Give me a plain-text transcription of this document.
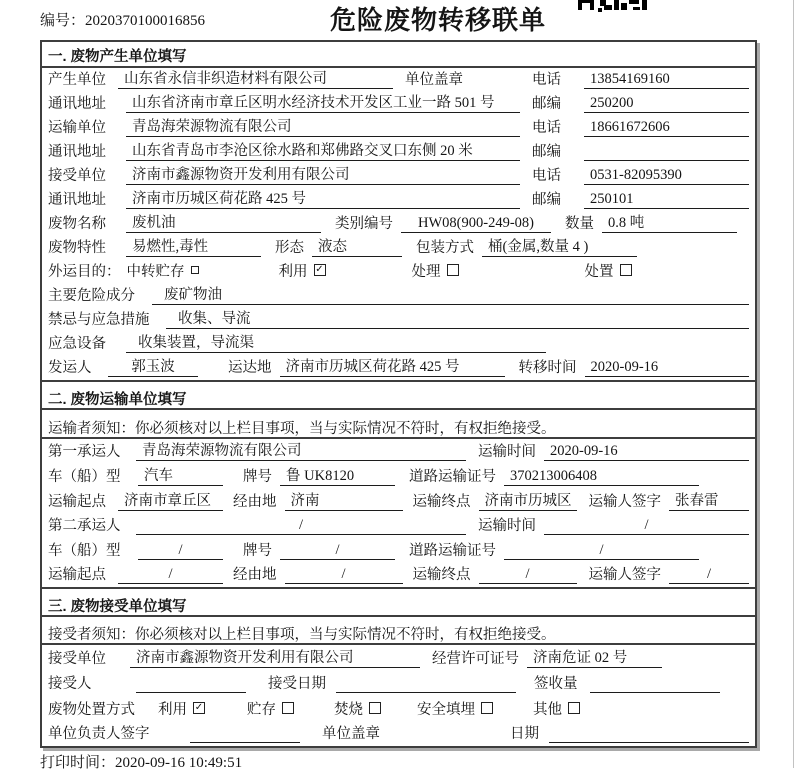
编号：2020370100016856	危险废物转移联单
一. 废物产生单位填写
产生单位	山东省永信非织造材料有限公司	单位盖章	电话	13854169160
通讯地址	山东省济南市章丘区明水经济技术开发区工业一路 501 号	邮编	250200
运输单位	青岛海荣源物流有限公司	电话	18661672606
通讯地址	山东省青岛市李沧区徐水路和郑佛路交叉口东侧 20 米	邮编
接受单位	济南市鑫源物资开发利用有限公司	电话	0531-82095390
通讯地址	济南市历城区荷花路 425 号	邮编	250101
废物名称	废机油	类别编号	HW08(900-249-08)	数量 0.8 吨
废物特性	易燃性,毒性	形态 液态	包装方式 桶(金属,数量 4 )
外运目的： 中转贮存	利用 ✓	处理	处置
主要危险成分	废矿物油
禁忌与应急措施	收集、导流
应急设备	收集装置，导流渠
发运人	郭玉波	运达地 济南市历城区荷花路 425 号	转移时间 2020-09-16
二. 废物运输单位填写
运输者须知：你必须核对以上栏目事项，当与实际情况不符时，有权拒绝接受。
第一承运人	青岛海荣源物流有限公司	运输时间 2020-09-16
车（船）型	汽车	牌号 鲁 UK8120	道路运输证号 370213006408
运输起点	济南市章丘区	经由地 济南	运输终点 济南市历城区	运输人签字 张春雷
第二承运人	/	运输时间	/
车（船）型	/	牌号	/	道路运输证号	/
运输起点	/	经由地	/	运输终点	/	运输人签字	/
三. 废物接受单位填写
接受者须知：你必须核对以上栏目事项，当与实际情况不符时，有权拒绝接受。
接受单位	济南市鑫源物资开发利用有限公司	经营许可证号 济南危证 02 号
接受人	接受日期	签收量
废物处置方式	利用 ✓	贮存	焚烧	安全填埋	其他
单位负责人签字	单位盖章	日期
打印时间：2020-09-16 10:49:51
